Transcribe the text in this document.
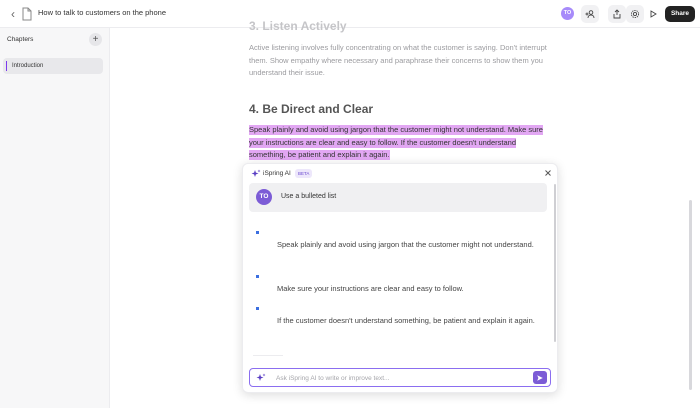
‹	How to talk to customers on the phone	TO	Share
Chapters	+
Introduction
3. Listen Actively
Active listening involves fully concentrating on what the customer is saying. Don't interrupt them. Show empathy where necessary and paraphrase their concerns to show them you understand their issue.
4. Be Direct and Clear
Speak plainly and avoid using jargon that the customer might not understand. Make sure your instructions are clear and easy to follow. If the customer doesn't understand something, be patient and explain it again.
iSpring AI	BETA
TO	Use a bulleted list
Speak plainly and avoid using jargon that the customer might not understand.
Make sure your instructions are clear and easy to follow.
If the customer doesn't understand something, be patient and explain it again.
Ask iSpring AI to write or improve text...
